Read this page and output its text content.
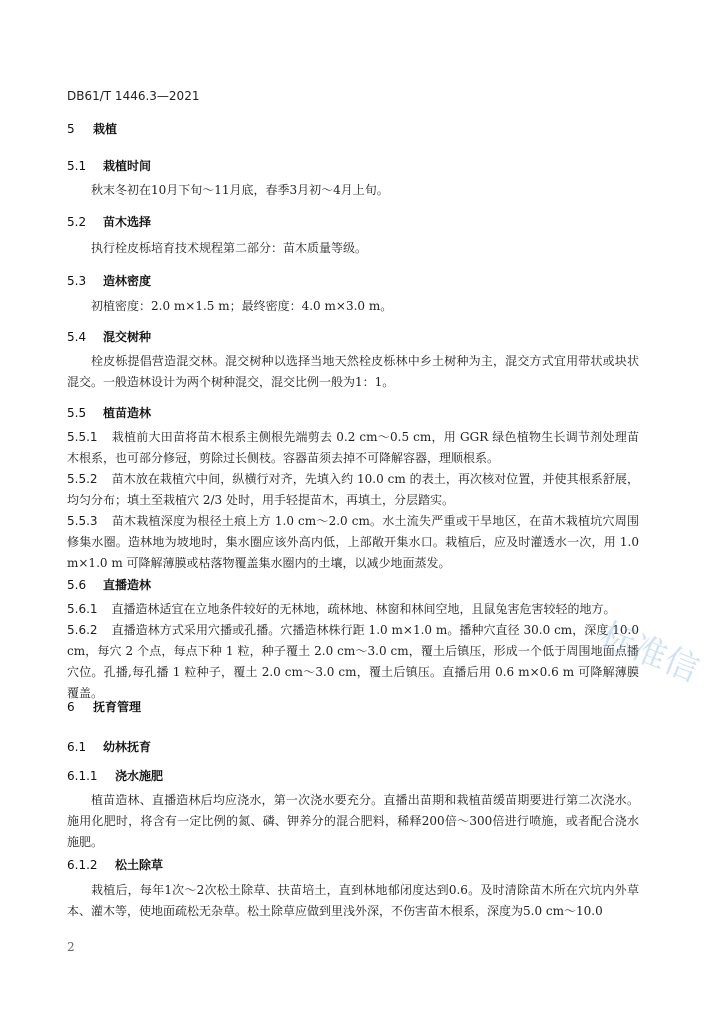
DB61/T 1446.3—2021
5 栽植
5.1 栽植时间
秋末冬初在10月下旬～11月底，春季3月初～4月上旬。
5.2 苗木选择
执行栓皮栎培育技术规程第二部分：苗木质量等级。
5.3 造林密度
初植密度：2.0 m×1.5 m；最终密度：4.0 m×3.0 m。
5.4 混交树种
栓皮栎提倡营造混交林。混交树种以选择当地天然栓皮栎林中乡土树种为主，混交方式宜用带状或块状混交。一般造林设计为两个树种混交，混交比例一般为1：1。
5.5 植苗造林
5.5.1 栽植前大田苗将苗木根系主侧根先端剪去 0.2 cm～0.5 cm，用 GGR 绿色植物生长调节剂处理苗木根系，也可部分修冠，剪除过长侧枝。容器苗须去掉不可降解容器，理顺根系。
5.5.2 苗木放在栽植穴中间，纵横行对齐，先填入约 10.0 cm 的表土，再次核对位置，并使其根系舒展，均匀分布；填土至栽植穴 2/3 处时，用手轻提苗木，再填土，分层踏实。
5.5.3 苗木栽植深度为根径土痕上方 1.0 cm～2.0 cm。水土流失严重或干旱地区，在苗木栽植坑穴周围修集水圈。造林地为坡地时，集水圈应该外高内低，上部敞开集水口。栽植后，应及时灌透水一次，用 1.0 m×1.0 m 可降解薄膜或枯落物覆盖集水圈内的土壤，以减少地面蒸发。
5.6 直播造林
5.6.1 直播造林适宜在立地条件较好的无林地，疏林地、林窗和林间空地，且鼠兔害危害较轻的地方。
5.6.2 直播造林方式采用穴播或孔播。穴播造林株行距 1.0 m×1.0 m。播种穴直径 30.0 cm，深度 10.0 cm，每穴 2 个点，每点下种 1 粒，种子覆土 2.0 cm～3.0 cm，覆土后镇压，形成一个低于周围地面点播穴位。孔播,每孔播 1 粒种子，覆土 2.0 cm～3.0 cm，覆土后镇压。直播后用 0.6 m×0.6 m 可降解薄膜覆盖。
6 抚育管理
6.1 幼林抚育
6.1.1 浇水施肥
植苗造林、直播造林后均应浇水，第一次浇水要充分。直播出苗期和栽植苗缓苗期要进行第二次浇水。施用化肥时，将含有一定比例的氮、磷、钾养分的混合肥料，稀释200倍～300倍进行喷施，或者配合浇水施肥。
6.1.2 松土除草
栽植后，每年1次～2次松土除草、扶苗培土，直到林地郁闭度达到0.6。及时清除苗木所在穴坑内外草本、灌木等，使地面疏松无杂草。松土除草应做到里浅外深，不伤害苗木根系，深度为5.0 cm～10.0
2
标准信
